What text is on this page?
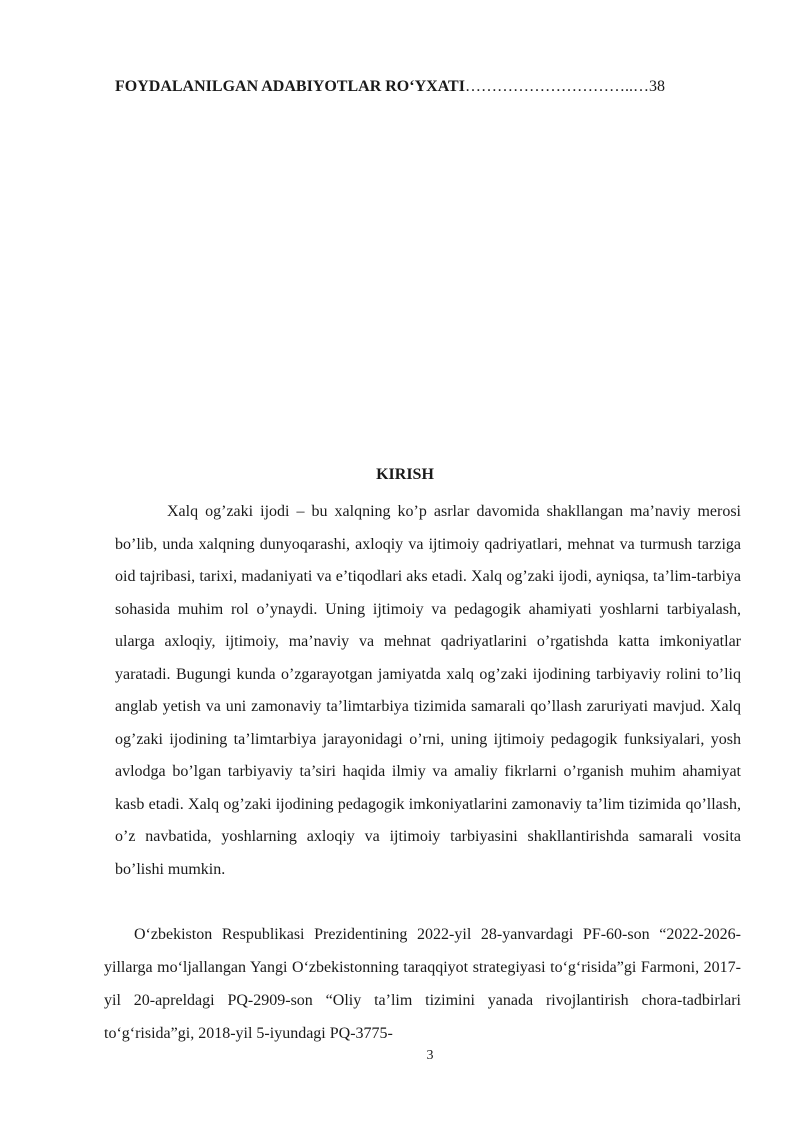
FOYDALANILGAN ADABIYOTLAR RO‘YXATI…………………………..…38
KIRISH

Xalq og’zaki ijodi – bu xalqning ko’p asrlar davomida shakllangan ma’naviy merosi bo’lib, unda xalqning dunyoqarashi, axloqiy va ijtimoiy qadriyatlari, mehnat va turmush tarziga oid tajribasi, tarixi, madaniyati va e’tiqodlari aks etadi. Xalq og’zaki ijodi, ayniqsa, ta’lim-tarbiya sohasida muhim rol o’ynaydi. Uning ijtimoiy va pedagogik ahamiyati yoshlarni tarbiyalash, ularga axloqiy, ijtimoiy, ma’naviy va mehnat qadriyatlarini o’rgatishda katta imkoniyatlar yaratadi. Bugungi kunda o’zgarayotgan jamiyatda xalq og’zaki ijodining tarbiyaviy rolini to’liq anglab yetish va uni zamonaviy ta’limtarbiya tizimida samarali qo’llash zaruriyati mavjud. Xalq og’zaki ijodining ta’limtarbiya jarayonidagi o’rni, uning ijtimoiy pedagogik funksiyalari, yosh avlodga bo’lgan tarbiyaviy ta’siri haqida ilmiy va amaliy fikrlarni o’rganish muhim ahamiyat kasb etadi. Xalq og’zaki ijodining pedagogik imkoniyatlarini zamonaviy ta’lim tizimida qo’llash, o’z navbatida, yoshlarning axloqiy va ijtimoiy tarbiyasini shakllantirishda samarali vosita bo’lishi mumkin.

O‘zbekiston Respublikasi Prezidentining 2022-yil 28-yanvardagi PF-60-son “2022-2026-yillarga mo‘ljallangan Yangi O‘zbekistonning taraqqiyot strategiyasi to‘g‘risida”gi Farmoni, 2017-yil 20-apreldagi PQ-2909-son “Oliy ta’lim tizimini yanada rivojlantirish chora-tadbirlari to‘g‘risida”gi, 2018-yil 5-iyundagi PQ-3775-

3
